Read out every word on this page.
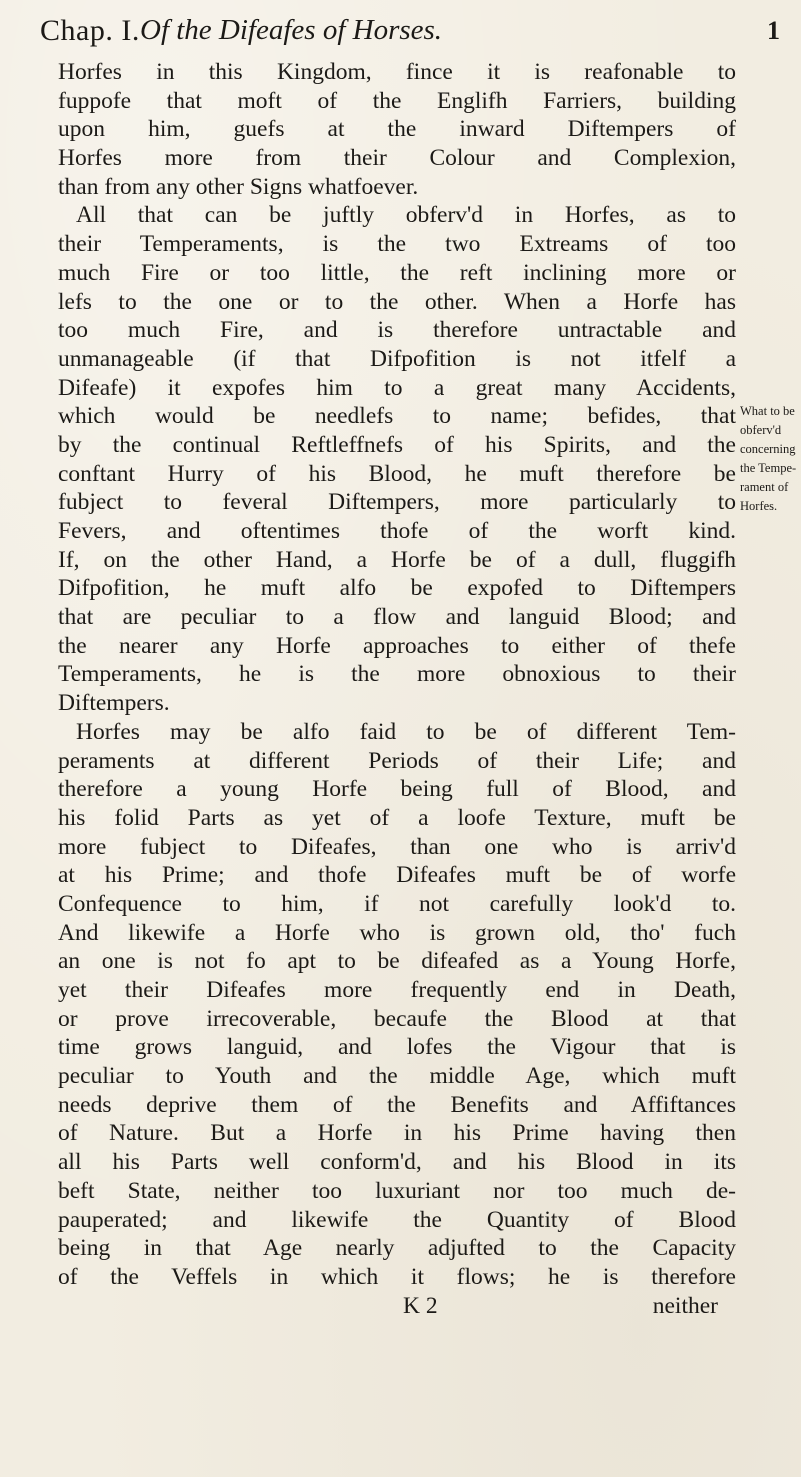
Chap. I. Of the Difeafes of Horses.	1
Horfes in this Kingdom, fince it is reafonable to
fuppofe that moft of the Englifh Farriers, building
upon him, guefs at the inward Diftempers of
Horfes more from their Colour and Complexion,
than from any other Signs whatfoever.
All that can be juftly obferv'd in Horfes, as to
their Temperaments, is the two Extreams of too
much Fire or too little, the reft inclining more or
lefs to the one or to the other. When a Horfe has
too much Fire, and is therefore untractable and
unmanageable (if that Difpofition is not itfelf a
Difeafe) it expofes him to a great many Accidents,
which would be needlefs to name; befides, that
by the continual Reftleffnefs of his Spirits, and the
conftant Hurry of his Blood, he muft therefore be
fubject to feveral Diftempers, more particularly to
Fevers, and oftentimes thofe of the worft kind.
If, on the other Hand, a Horfe be of a dull, fluggifh
Difpofition, he muft alfo be expofed to Diftempers
that are peculiar to a flow and languid Blood; and
the nearer any Horfe approaches to either of thefe
Temperaments, he is the more obnoxious to their
Diftempers.
Horfes may be alfo faid to be of different Tem-
peraments at different Periods of their Life; and
therefore a young Horfe being full of Blood, and
his folid Parts as yet of a loofe Texture, muft be
more fubject to Difeafes, than one who is arriv'd
at his Prime; and thofe Difeafes muft be of worfe
Confequence to him, if not carefully look'd to.
And likewife a Horfe who is grown old, tho' fuch
an one is not fo apt to be difeafed as a Young Horfe,
yet their Difeafes more frequently end in Death,
or prove irrecoverable, becaufe the Blood at that
time grows languid, and lofes the Vigour that is
peculiar to Youth and the middle Age, which muft
needs deprive them of the Benefits and Affiftances
of Nature. But a Horfe in his Prime having then
all his Parts well conform'd, and his Blood in its
beft State, neither too luxuriant nor too much de-
pauperated; and likewife the Quantity of Blood
being in that Age nearly adjufted to the Capacity
of the Veffels in which it flows; he is therefore
K 2	neither
What to be
obferv'd
concerning
the Tempe-
rament of
Horfes.
